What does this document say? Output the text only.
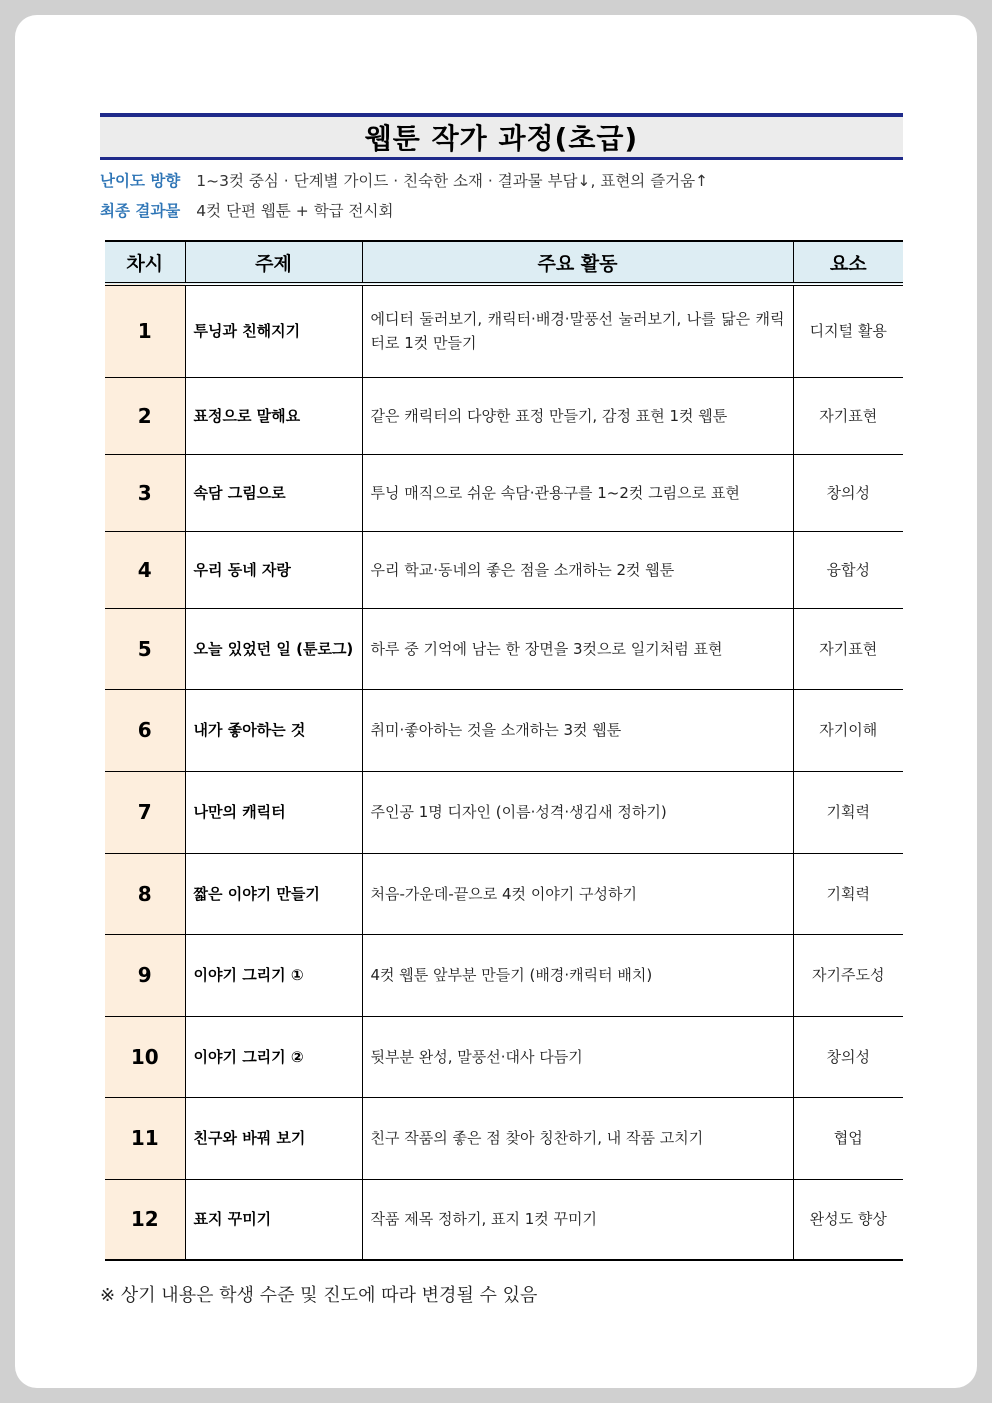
웹툰 작가 과정(초급)
난이도 방향 1~3컷 중심 · 단계별 가이드 · 친숙한 소재 · 결과물 부담↓, 표현의 즐거움↑
최종 결과물 4컷 단편 웹툰 + 학급 전시회
차시	주제	주요 활동	요소
1	투닝과 친해지기	에디터 둘러보기, 캐릭터·배경·말풍선 눌러보기, 나를 닮은 캐릭터로 1컷 만들기	디지털 활용
2	표정으로 말해요	같은 캐릭터의 다양한 표정 만들기, 감정 표현 1컷 웹툰	자기표현
3	속담 그림으로	투닝 매직으로 쉬운 속담·관용구를 1~2컷 그림으로 표현	창의성
4	우리 동네 자랑	우리 학교·동네의 좋은 점을 소개하는 2컷 웹툰	융합성
5	오늘 있었던 일 (툰로그)	하루 중 기억에 남는 한 장면을 3컷으로 일기처럼 표현	자기표현
6	내가 좋아하는 것	취미·좋아하는 것을 소개하는 3컷 웹툰	자기이해
7	나만의 캐릭터	주인공 1명 디자인 (이름·성격·생김새 정하기)	기획력
8	짧은 이야기 만들기	처음-가운데-끝으로 4컷 이야기 구성하기	기획력
9	이야기 그리기 ①	4컷 웹툰 앞부분 만들기 (배경·캐릭터 배치)	자기주도성
10	이야기 그리기 ②	뒷부분 완성, 말풍선·대사 다듬기	창의성
11	친구와 바꿔 보기	친구 작품의 좋은 점 찾아 칭찬하기, 내 작품 고치기	협업
12	표지 꾸미기	작품 제목 정하기, 표지 1컷 꾸미기	완성도 향상
※ 상기 내용은 학생 수준 및 진도에 따라 변경될 수 있음
